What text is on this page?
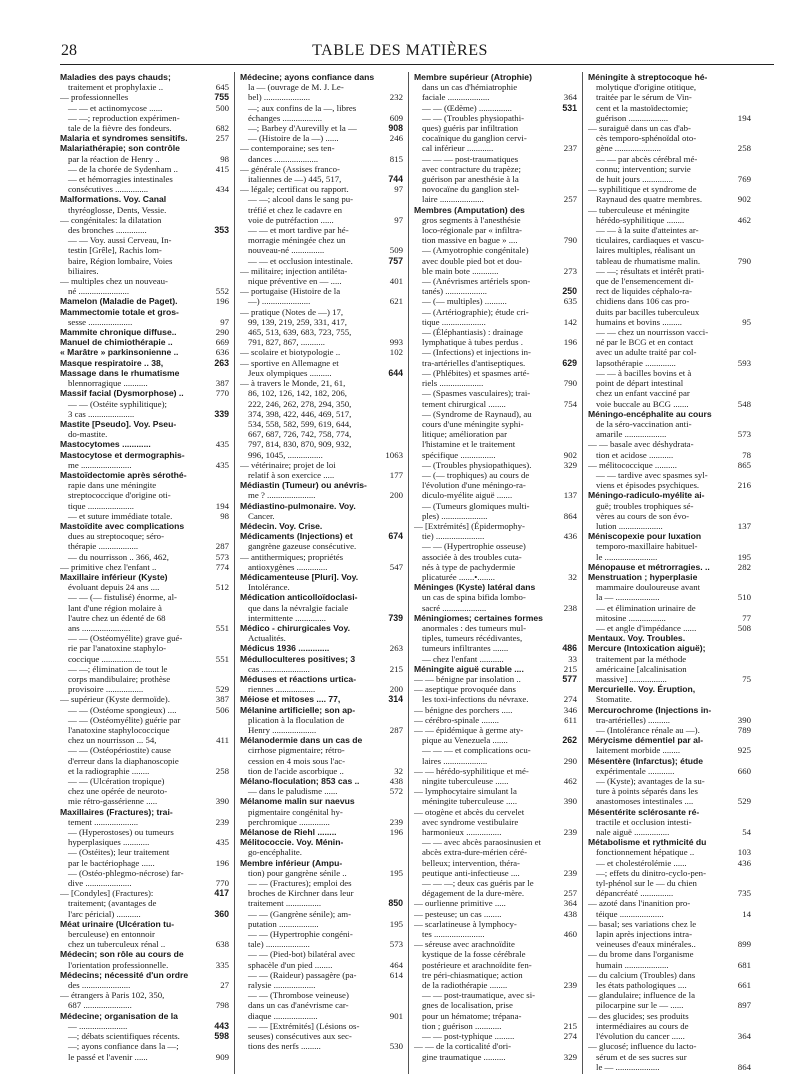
28	TABLE DES MATIÈRES
Maladies des pays chauds;
traitement et prophylaxie ..	645
— professionnelles	755
— — et actinomycose ......	500
— —; reproduction expérimen-
tale de la fièvre des fondeurs.	682
Malaria et syndromes sensitifs.	257
Malariathérapie; son contrôle
par la réaction de Henry ..	98
— de la chorée de Sydenham ..	415
— et hémorragies intestinales
consécutives ...............	434
Malformations. Voy. Canal
thyréoglosse, Dents, Vessie.
— congénitales: la dilatation
des bronches ..............	353
— — Voy. aussi Cerveau, In-
testin [Grêle], Rachis lom-
baire, Région lombaire, Voies
biliaires.
— multiples chez un nouveau-
né .......................	552
Mamelon (Maladie de Paget).	196
Mammectomie totale et gros-
sesse ....................	97
Mammite chronique diffuse..	290
Manuel de chimiothérapie ..	669
« Marâtre » parkinsonienne ..	636
Masque respiratoire .. 38,	263
Massage dans le rhumatisme
blennorragique ...........	387
Massif facial (Dysmorphose) ..	770
— — (Ostéite syphilitique);
3 cas .....................	339
Mastite [Pseudo]. Voy. Pseu-
do-mastite.
Mastocytomes ............	435
Mastocytose et dermographis-
me .......................	435
Mastoïdectomie après sérothé-
rapie dans une méningite
streptococcique d'origine oti-
tique .....................	194
— et suture immédiate totale.	98
Mastoïdite avec complications
dues au streptocoque; séro-
thérapie ..................	287
— du nourrisson .. 366, 462,	573
— primitive chez l'enfant ..	774
Maxillaire inférieur (Kyste)
évoluant depuis 24 ans ....	512
— — (— fistulisé) énorme, al-
lant d'une région molaire à
l'autre chez un édenté de 68
ans ......................	551
— — (Ostéomyélite) grave gué-
rie par l'anatoxine staphylo-
coccique ..................	551
— —; élimination de tout le
corps mandibulaire; prothèse
provisoire .................	529
— supérieur (Kyste dermoïde).	387
— — (Ostéome spongieux) ....	506
— — (Ostéomyélite) guérie par
l'anatoxine staphylococcique
chez un nourrisson ... 54,	411
— — (Ostéopériostite) cause
d'erreur dans la diaphanoscopie
et la radiographie ........	258
— — (Ulcération tropique)
chez une opérée de neuroto-
mie rétro-gassérienne .....	390
Maxillaires (Fractures); trai-
tement ....................	239
— (Hyperostoses) ou tumeurs
hyperplasiques ............	435
— (Ostéites); leur traitement
par le bactériophage ......	196
— (Ostéo-phlegmo-nécrose) far-
dive .....................	770
— [Condyles] (Fractures):	417
traitement; (avantages de
l'arc péricial) ...........	360
Méat urinaire (Ulcération tu-
berculeuse) en entonnoir
chez un tuberculeux rénal ..	638
Médecin; son rôle au cours de
l'orientation professionnelle.	335
Médecins; nécessité d'un ordre
des ......................	27
— étrangers à Paris 102, 350,
687 ......................	798
Médecine; organisation de la
— ......................	443
—; débats scientifiques récents.	598
—; ayons confiance dans la —;
le passé et l'avenir ......	909
Médecine; ayons confiance dans
la — (ouvrage de M. J. Le-
bel) .....................	232
—; aux confins de la —, libres
échanges ..................	609
—; Barbey d'Aurevilly et la —	908
— (Histoire de la —) ......	246
— contemporaine; ses ten-
dances ....................	815
— générale (Assises franco-
italiennes de —) 445, 517,	744
— légale; certificat ou rapport.	97
— —; alcool dans le sang pu-
tréfié et chez le cadavre en
voie de putréfaction ......	97
— — et mort tardive par hé-
morragie méningée chez un
nouveau-né ...............	509
— — et occlusion intestinale.	757
— militaire; injection antiléta-
nique préventive en — .....	401
— portugaise (Histoire de la
—) ......................	621
— pratique (Notes de —) 17,
99, 139, 219, 259, 331, 417,
465, 513, 639, 683, 723, 755,
791, 827, 867, ...........	993
— scolaire et biotypologie ..	102
— sportive en Allemagne et
Jeux olympiques ..........	644
— à travers le Monde, 21, 61,
86, 102, 126, 142, 182, 206,
222, 246, 262, 278, 294, 350,
374, 398, 422, 446, 469, 517,
534, 558, 582, 599, 619, 644,
667, 687, 726, 742, 758, 774,
797, 814, 830, 870, 909, 932,
996, 1045, ................	1063
— vétérinaire; projet de loi
relatif à son exercice .....	177
Médiastin (Tumeur) ou anévris-
me ? ......................	200
Médiastino-pulmonaire. Voy.
Cancer.
Médecin. Voy. Crise.
Médicaments (Injections) et	674
gangrène gazeuse consécutive.
— antithermiques; propriétés
antioxygènes ..............	547
Médicamenteuse [Pluri]. Voy.
Intolérance.
Médication anticolloïdoclasi-
que dans la névralgie faciale
intermittente ..............	739
Médico - chirurgicales Voy.
Actualités.
Médicus 1936 .............	263
Médulloculteres positives; 3
cas ......................	215
Méduses et réactions urtica-
riennes ..................	200
Méiose et mitoses .... 77,	314
Mélanine artificielle; son ap-
plication à la floculation de
Henry ....................	287
Mélanodermie dans un cas de
cirrhose pigmentaire; rétro-
cession en 4 mois sous l'ac-
tion de l'acide ascorbique ..	32
Mélano-floculation; 853 cas ..	438
— dans le paludisme ......	572
Mélanome malin sur naevus
pigmentaire congénital hy-
perchromique ..............	239
Mélanose de Riehl ........	196
Mélitococcie. Voy. Ménin-
go-encéphalite.
Membre inférieur (Ampu-
tion) pour gangrène sénile ..	195
— — (Fractures); emploi des
broches de Kirchner dans leur
traitement ................	850
— — (Gangrène sénile); am-
putation ..................	195
— — (Hypertrophie congéni-
tale) ....................	573
— — (Pied-bot) bilatéral avec
sphacèle d'un pied ........	464
— — (Raideur) passagère (pa-	614
ralysie ...................
— — (Thrombose veineuse)
dans un cas d'anévrisme car-
diaque ....................	901
— — [Extrémités] (Lésions os-
seuses) consécutives aux sec-
tions des nerfs .........	530
Membre supérieur (Atrophie)
dans un cas d'hémiatrophie
faciale ...................	364
— — (Œdème) ...............	531
— — (Troubles physiopathi-
ques) guéris par infiltration
cocaïnique du ganglion cervi-
cal inférieur ............	237
— — — post-traumatiques
avec contracture du trapèze;
guérison par anesthésie à la
novocaïne du ganglion stel-
laire ....................	257
Membres (Amputation) des
gros segments à l'anesthésie
loco-régionale par « infiltra-
tion massive en bague » ....	790
— (Amyotrophie congénitale)
avec double pied bot et dou-
ble main bote ............	273
— (Anévrismes artériels spon-
tanés) ...................	250
— (— multiples) ..........	635
— (Artériographie); étude cri-
tique ....................	142
— (Éléphantiasis) : drainage
lymphatique à tubes perdus .	196
— (Infections) et injections in-
tra-artérielles d'antiseptiques.	629
— (Phlébites) et spasmes arté-
riels ....................	790
— (Spasmes vasculaires); trai-
tement chirurgical ........	754
— (Syndrome de Raynaud), au
cours d'une méningite syphi-
litique; amélioration par
l'histamine et le traitement
spécifique ................	902
— (Troubles physiopathiques).	329
— (— trophiques) au cours de
l'évolution d'une méningo-ra-
diculo-myélite aiguë .......	137
— (Tumeurs glomiques multi-
ples) .....................	864
— [Extrémités] (Épidermophy-
tie) ......................	436
— — (Hypertrophie osseuse)
associée à des troubles cuta-
nés à type de pachydermie
plicaturée .......•........	32
Méninges (Kyste) latéral dans
un cas de spina bifida lombo-
sacré ....................	238
Méningiomes; certaines formes
anormales : des tumeurs mul-
tiples, tumeurs récédivantes,
tumeurs infiltrantes .......	486
— chez l'enfant ...........	33
Méningite aiguë curable ....	215
— — bénigne par insolation ..	577
— aseptique provoquée dans
les toxi-infections du névraxe.	274
— bénigne des porchers .....	346
— cérébro-spinale ........	611
— — épidémique à germe aty-
pique au Venezuela .......	262
— — — et complications ocu-
laires ....................	290
— — hérédo-syphilitique et mé-
ningite tuberculeuse ......	462
— lymphocytaire simulant la
méningite tuberculeuse .....	390
— otogène et abcès du cervelet
avec syndrome vestibulaire
harmonieux ................	239
— — avec abcès paraosinusien et
abcès extra-dure-mérien céré-
belleux; intervention, théra-
peutique anti-infectieuse ....	239
— — —; deux cas guéris par le
dégagement de la dure-mère.	257
— ourlienne primitive .....	364
— pesteuse; un cas ........	438
— scarlatineuse à lymphocy-
tes .......................	460
— séreuse avec arachnoïdite
kystique de la fosse cérébrale
postérieure et arachnoïdite fen-
tre péri-chiasmatique; action
de la radiothérapie ........	239
— — post-traumatique, avec si-
gnes de localisation, prise
pour un hématome; trépana-
tion ; guérison ............	215
— — post-typhique .........	274
— — de la corticalité d'ori-
gine traumatique ..........	329
Méningite à streptocoque hé-
molytique d'origine otitique,
traitée par le sérum de Vin-
cent et la mastoïdectomie;
guérison ..................	194
— suraiguë dans un cas d'ab-
cès temporo-sphénoïdal oto-
gène .....................	258
— — par abcès cérébral mé-
connu; intervention; survie
de huit jours ..............	769
— syphilitique et syndrome de
Raynaud des quatre membres.	902
— tuberculeuse et méningite
hérédo-syphilitique ........	462
— — à la suite d'atteintes ar-
ticulaires, cardiaques et vascu-
laires multiples, réalisant un
tableau de rhumatisme malin.	790
— —; résultats et intérêt prati-
que de l'ensemencement di-
rect de liquides céphalo-ra-
chidiens dans 106 cas pro-
duits par bacilles tuberculeux
humains et bovins .........	95
— — chez un nourrisson vacci-
né par le BCG et en contact
avec un adulte traité par col-
lapsothérapie ..............	593
— — à bacilles bovins et à
point de départ intestinal
chez un enfant vacciné par
voie buccale au BCG .......	548
Méningo-encéphalite au cours
de la séro-vaccination anti-
amarile ...................	573
— — basale avec déshydrata-
tion et acidose ...........	78
— mélitococcique ..........	865
— — tardive avec spasmes syl-
viens et épisodes psychiques.	216
Méningo-radiculo-myélite ai-
guë; troubles trophiques sé-
vères au cours de son évo-
lution ....................	137
Méniscopexie pour luxation
temporo-maxillaire habituel-
le ........................	195
Ménopause et métrorragies. ..	282
Menstruation ; hyperplasie
mammaire douloureuse avant
la — ....................	510
— et élimination urinaire de
mitosine .................	77
— et angle d'impédance ......	508
Mentaux. Voy. Troubles.
Mercure (Intoxication aiguë);
traitement par la méthode
américaine [alcalinisation
massive] .................	75
Mercurielle. Voy. Éruption,
Stomatite.
Mercurochrome (Injections in-
tra-artérielles) ..........	390
— (Intolérance rénale au —).	789
Mérycisme démentiel par al-
laitement morbide ........	925
Mésentère (Infarctus); étude
expérimentale ............	660
— (Kyste); avantages de la su-
ture à points séparés dans les
anastomoses intestinales ....	529
Mésentérite sclérosante ré-
tractile et occlusion intesti-
nale aiguë ................	54
Métabolisme et rythmicité du
fonctionnement hépatique ..	103
— et cholestérolémie ......	436
—; effets du dinitro-cyclo-pen-
tyl-phénol sur le — du chien
dépancréaté ...............	735
— azoté dans l'inanition pro-
téique ....................	14
— basal; ses variations chez le
lapin après injections intra-
veineuses d'eaux minérales..	899
— du brome dans l'organisme
humain ....................	681
— du calcium (Troubles) dans
les états pathologiques ....	661
— glandulaire; influence de la
pilocarpine sur le — ......	897
— des glucides; ses produits
intermédiaires au cours de
l'évolution du cancer ......	364
— glucosé; influence du lacto-
sérum et de ses sucres sur
le — ....................	864
